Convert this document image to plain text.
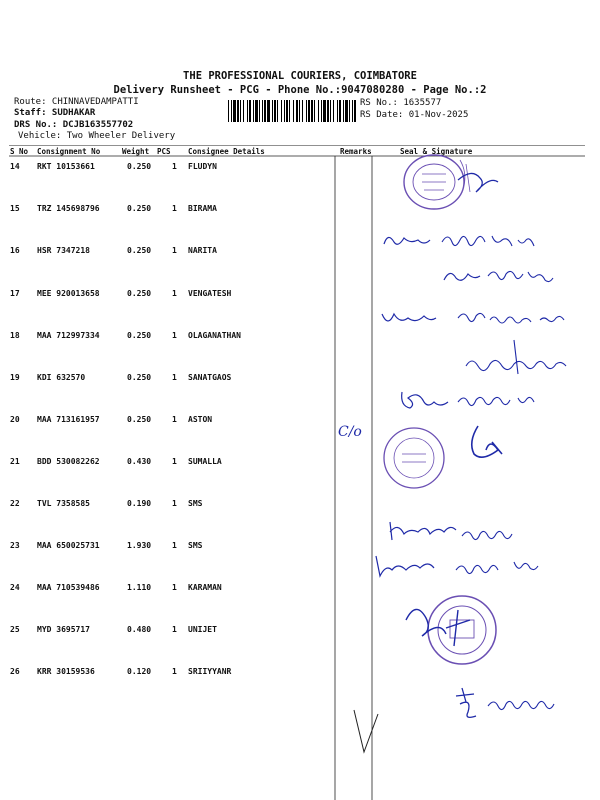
THE PROFESSIONAL COURIERS, COIMBATORE
Delivery Runsheet - PCG - Phone No.:9047080280 - Page No.:2
Route: CHINNAVEDAMPATTI
Staff: SUDHAKAR
DRS No.: DCJB163557702
Vehicle: Two Wheeler Delivery
RS No.: 1635577
RS Date: 01-Nov-2025
S No Consignment No	Weight PCS Consignee Details	Remarks	Seal & Signature
14 RKT 10153661	0.250	1 FLUDYN
15 TRZ 145698796	0.250	1 BIRAMA
16 HSR 7347218	0.250	1 NARITA
17 MEE 920013658	0.250	1 VENGATESH
18 MAA 712997334	0.250	1 OLAGANATHAN
19 KDI 632570	0.250	1 SANATGAOS
20 MAA 713161957	0.250	1 ASTON
21 BDD 530082262	0.430	1 SUMALLA
22 TVL 7358585	0.190	1 SMS
23 MAA 650025731	1.930	1 SMS
24 MAA 710539486	1.110	1 KARAMAN
25 MYD 3695717	0.480	1 UNIJET
26 KRR 30159536	0.120	1 SRIIYYANR
C/o
